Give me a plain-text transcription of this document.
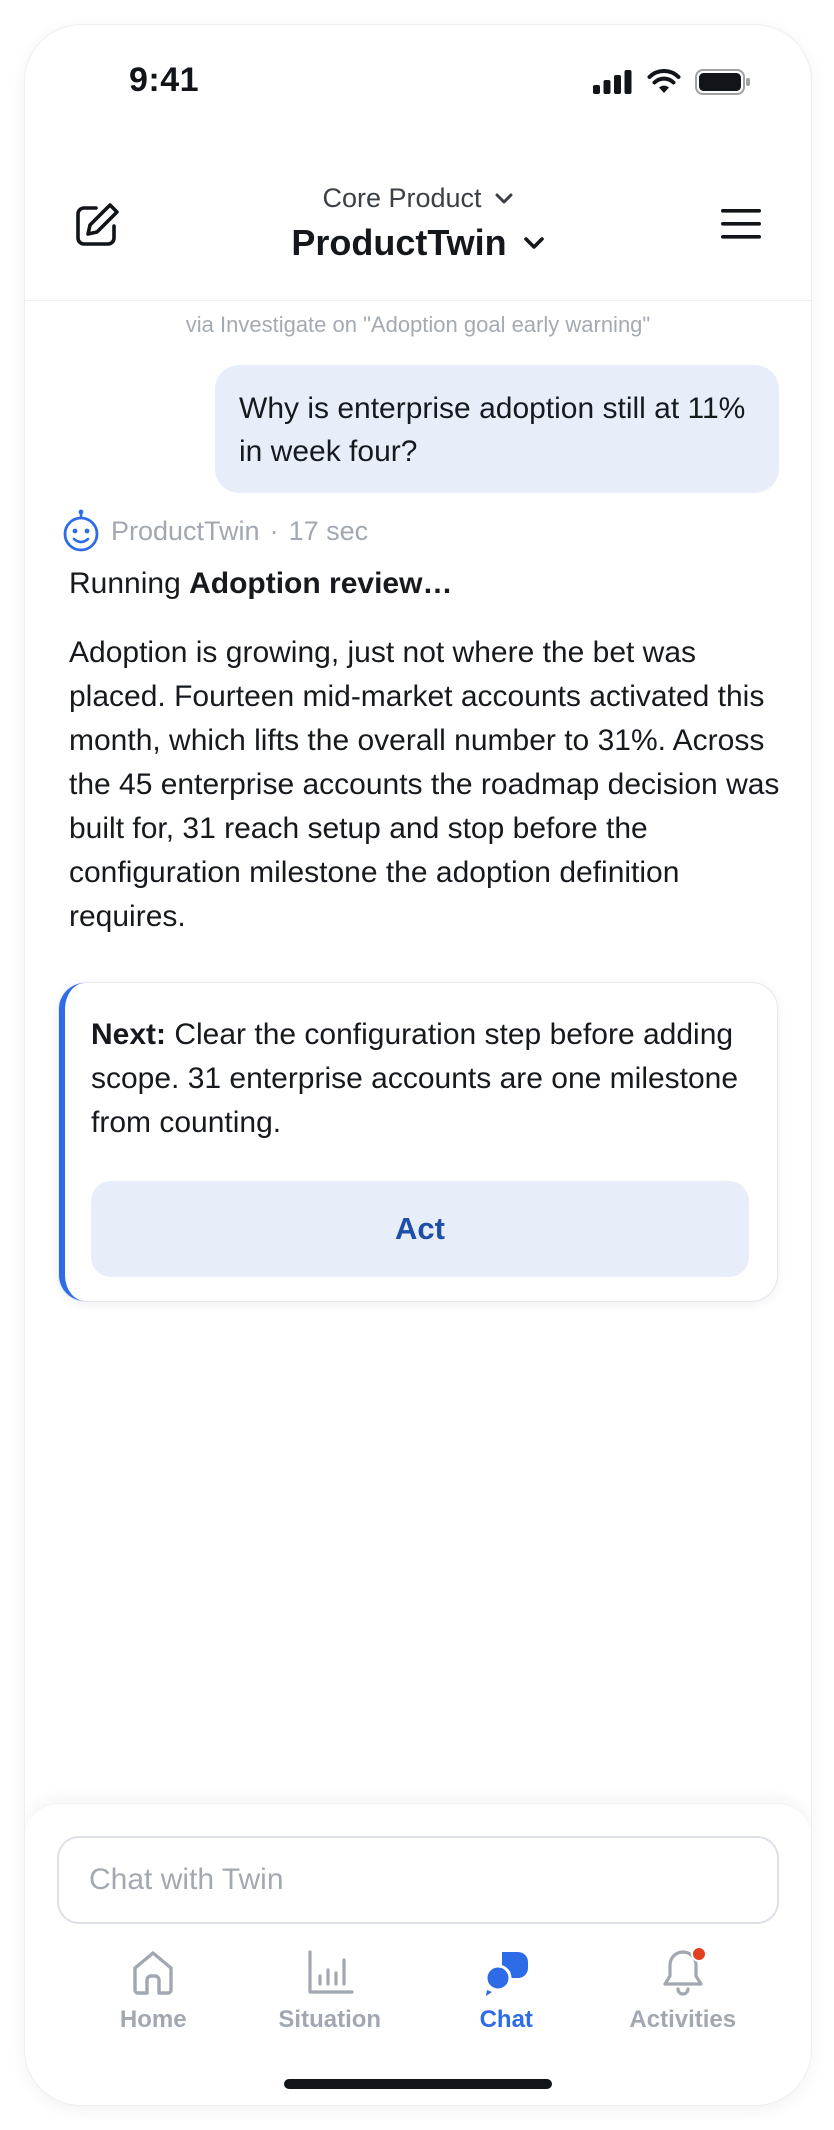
9:41
Core Product

ProductTwin
via Investigate on "Adoption goal early warning"
Why is enterprise adoption still at 11% in week four?
ProductTwin · 17 sec
Running Adoption review…
Adoption is growing, just not where the bet was placed. Fourteen mid-market accounts activated this month, which lifts the overall number to 31%. Across the 45 enterprise accounts the roadmap decision was built for, 31 reach setup and stop before the configuration milestone the adoption definition requires.
Next: Clear the configuration step before adding scope. 31 enterprise accounts are one milestone from counting.
Act
Chat with Twin
Home	Situation	Chat	Activities
